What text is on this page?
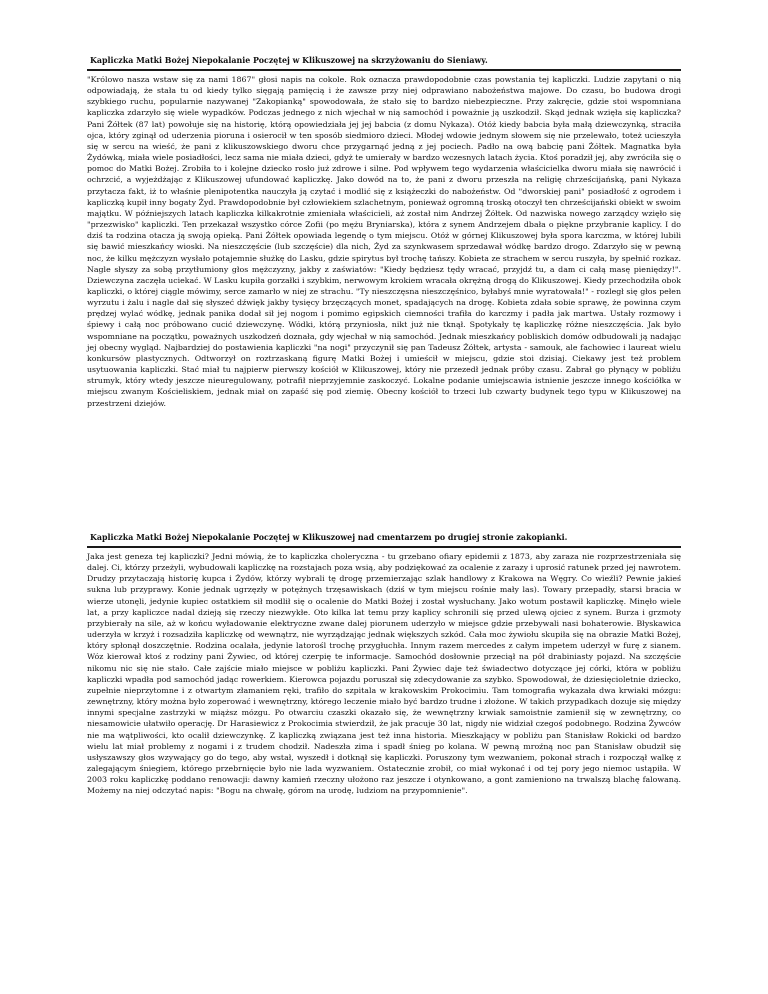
Kapliczka Matki Bożej Niepokalanie Poczętej w Klikuszowej na skrzyżowaniu do Sieniawy.
"Królowo nasza wstaw się za nami 1867" głosi napis na cokole. Rok oznacza prawdopodobnie czas powstania tej kapliczki. Ludzie zapytani o nią odpowiadają, że stała tu od kiedy tylko sięgają pamięcią i że zawsze przy niej odprawiano nabożeństwa majowe. Do czasu, bo budowa drogi szybkiego ruchu, popularnie nazywanej "Zakopianką" spowodowała, że stało się to bardzo niebezpieczne. Przy zakręcie, gdzie stoi wspomniana kapliczka zdarzyło się wiele wypadków. Podczas jednego z nich wjechał w nią samochód i poważnie ją uszkodził. Skąd jednak wzięła się kapliczka? Pani Żółtek (87 lat) powołuje się na historię, którą opowiedziała jej jej babcia (z domu Nykaza). Otóż kiedy babcia była małą dziewczynką, straciła ojca, który zginął od uderzenia pioruna i osierocił w ten sposób siedmioro dzieci. Młodej wdowie jednym słowem się nie przelewało, toteż ucieszyła się w sercu na wieść, że pani z klikuszowskiego dworu chce przygarnąć jedną z jej pociech. Padło na ową babcię pani Żółtek. Magnatka była Żydówką, miała wiele posiadłości, lecz sama nie miała dzieci, gdyż te umierały w bardzo wczesnych latach życia. Ktoś poradził jej, aby zwróciła się o pomoc do Matki Bożej. Zrobiła to i kolejne dziecko rosło już zdrowe i silne. Pod wpływem tego wydarzenia właścicielka dworu miała się nawrócić i ochrzcić, a wyjeżdżając z Klikuszowej ufundować kapliczkę. Jako dowód na to, że pani z dworu przeszła na religię chrześcijańską, pani Nykaza przytacza fakt, iż to właśnie plenipotentka nauczyła ją czytać i modlić się z książeczki do nabożeństw. Od "dworskiej pani" posiadłość z ogrodem i kapliczką kupił inny bogaty Żyd. Prawdopodobnie był człowiekiem szlachetnym, ponieważ ogromną troską otoczył ten chrześcijański obiekt w swoim majątku. W późniejszych latach kapliczka kilkakrotnie zmieniała właścicieli, aż został nim Andrzej Żółtek. Od nazwiska nowego zarządcy wzięło się "przezwisko" kapliczki. Ten przekazał wszystko córce Zofii (po mężu Bryniarska), która z synem Andrzejem dbała o piękne przybranie kaplicy. I do dziś ta rodzina otacza ją swoją opieką. Pani Żółtek opowiada legendę o tym miejscu. Otóż w górnej Klikuszowej była spora karczma, w której lubili się bawić mieszkańcy wioski. Na nieszczęście (lub szczęście) dla nich, Żyd za szynkwasem sprzedawał wódkę bardzo drogo. Zdarzyło się w pewną noc, że kilku mężczyzn wysłało potajemnie służkę do Lasku, gdzie spirytus był trochę tańszy. Kobieta ze strachem w sercu ruszyła, by spełnić rozkaz. Nagle słyszy za sobą przytłumiony głos mężczyzny, jakby z zaświatów: "Kiedy będziesz tędy wracać, przyjdź tu, a dam ci całą masę pieniędzy!". Dziewczyna zaczęła uciekać. W Lasku kupiła gorzałki i szybkim, nerwowym krokiem wracała okrężną drogą do Klikuszowej. Kiedy przechodziła obok kapliczki, o której ciągle mówimy, serce zamarło w niej ze strachu. "Ty nieszczęsna nieszczęśnico, byłabyś mnie wyratowała!" - rozległ się głos pełen wyrzutu i żalu i nagle dał się słyszeć dźwięk jakby tysięcy brzęczących monet, spadających na drogę. Kobieta zdała sobie sprawę, że powinna czym prędzej wylać wódkę, jednak panika dodał sił jej nogom i pomimo egipskich ciemności trafiła do karczmy i padła jak martwa. Ustały rozmowy i śpiewy i całą noc próbowano cucić dziewczynę. Wódki, którą przyniosła, nikt już nie tknął. Spotykały tę kapliczkę różne nieszczęścia. Jak było wspomniane na początku, poważnych uszkodzeń doznała, gdy wjechał w nią samochód. Jednak mieszkańcy pobliskich domów odbudowali ją nadając jej obecny wygląd. Najbardziej do postawienia kapliczki "na nogi" przyczynił się pan Tadeusz Żółtek, artysta - samouk, ale fachowiec i laureat wielu konkursów plastycznych. Odtworzył on roztrzaskaną figurę Matki Bożej i umieścił w miejscu, gdzie stoi dzisiaj. Ciekawy jest też problem usytuowania kapliczki. Stać miał tu najpierw pierwszy kościół w Klikuszowej, który nie przezedł jednak próby czasu. Zabrał go płynący w pobliżu strumyk, który wtedy jeszcze nieuregulowany, potrafił nieprzyjemnie zaskoczyć. Lokalne podanie umiejscawia istnienie jeszcze innego kościółka w miejscu zwanym Kościeliskiem, jednak miał on zapaść się pod ziemię. Obecny kościół to trzeci lub czwarty budynek tego typu w Klikuszowej na przestrzeni dziejów.
Kapliczka Matki Bożej Niepokalanie Poczętej w Klikuszowej nad cmentarzem po drugiej stronie zakopianki.
Jaka jest geneza tej kapliczki? Jedni mówią, że to kapliczka choleryczna - tu grzebano ofiary epidemii z 1873, aby zaraza nie rozprzestrzeniała się dalej. Ci, którzy przeżyli, wybudowali kapliczkę na rozstajach poza wsią, aby podziękować za ocalenie z zarazy i uprosić ratunek przed jej nawrotem. Drudzy przytaczają historię kupca i Żydów, którzy wybrali tę drogę przemierzając szlak handlowy z Krakowa na Węgry. Co wieźli? Pewnie jakieś sukna lub przyprawy. Konie jednak ugrzęzły w potężnych trzęsawiskach (dziś w tym miejscu rośnie mały las). Towary przepadły, starsi bracia w wierze utonęli, jedynie kupiec ostatkiem sił modlił się o ocalenie do Matki Bożej i został wysłuchany. Jako wotum postawił kapliczkę. Minęło wiele lat, a przy kapliczce nadal dzieją się rzeczy niezwykłe. Oto kilka lat temu przy kaplicy schronili się przed ulewą ojciec z synem. Burza i grzmoty przybierały na sile, aż w końcu wyładowanie elektryczne zwane dalej piorunem uderzyło w miejsce gdzie przebywali nasi bohaterowie. Błyskawica uderzyła w krzyż i rozsadziła kapliczkę od wewnątrz, nie wyrządzając jednak większych szkód. Cała moc żywiołu skupiła się na obrazie Matki Bożej, który spłonął doszczętnie. Rodzina ocalała, jedynie latorośl trochę przygłuchła. Innym razem mercedes z całym impetem uderzył w furę z sianem. Wóz kierował ktoś z rodziny pani Żywiec, od której czerpię te informacje. Samochód dosłownie przeciął na pół drabiniasty pojazd. Na szczęście nikomu nic się nie stało. Całe zajście miało miejsce w pobliżu kapliczki. Pani Żywiec daje też świadectwo dotyczące jej córki, która w pobliżu kapliczki wpadła pod samochód jadąc rowerkiem. Kierowca pojazdu poruszał się zdecydowanie za szybko. Spowodował, że dziesięcioletnie dziecko, zupełnie nieprzytomne i z otwartym złamaniem ręki, trafiło do szpitala w krakowskim Prokocimiu. Tam tomografia wykazała dwa krwiaki mózgu: zewnętrzny, który można było zoperować i wewnętrzny, którego leczenie miało być bardzo trudne i złożone. W takich przypadkach dozuje się między innymi specjalne zastrzyki w miąższ mózgu. Po otwarciu czaszki okazało się, że wewnętrzny krwiak samoistnie zamienił się w zewnętrzny, co niesamowicie ułatwiło operację. Dr Harasiewicz z Prokocimia stwierdził, że jak pracuje 30 lat, nigdy nie widział czegoś podobnego. Rodzina Żywców nie ma wątpliwości, kto ocalił dziewczynkę. Z kapliczką związana jest też inna historia. Mieszkający w pobliżu pan Stanisław Rokicki od bardzo wielu lat miał problemy z nogami i z trudem chodził. Nadeszła zima i spadł śnieg po kolana. W pewną mroźną noc pan Stanisław obudził się usłyszawszy głos wzywający go do tego, aby wstał, wyszedł i dotknął się kapliczki. Poruszony tym wezwaniem, pokonał strach i rozpoczął walkę z zalegającym śniegiem, którego przebrnięcie było nie lada wyzwaniem. Ostatecznie zrobił, co miał wykonać i od tej pory jego niemoc ustąpiła. W 2003 roku kapliczkę poddano renowacji: dawny kamień rzeczny ułożono raz jeszcze i otynkowano, a gont zamieniono na trwalszą blachę falowaną. Możemy na niej odczytać napis: "Bogu na chwałę, górom na urodę, ludziom na przypomnienie".
